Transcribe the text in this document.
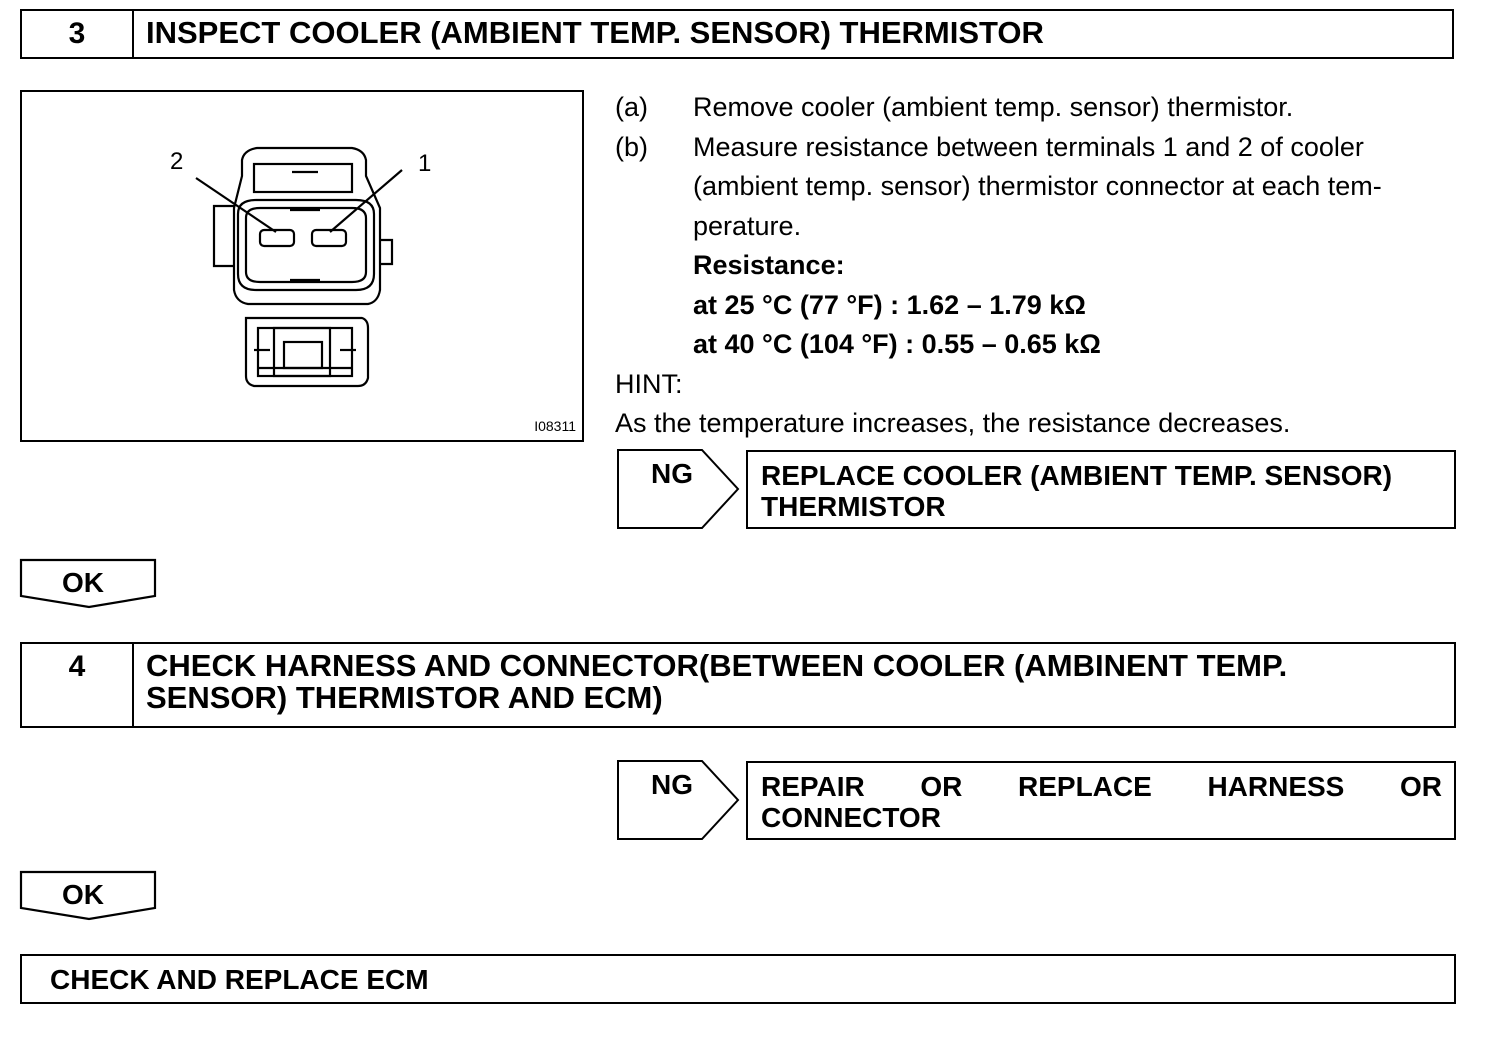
3	INSPECT COOLER (AMBIENT TEMP. SENSOR) THERMISTOR
2	1
I08311
(a) Remove cooler (ambient temp. sensor) thermistor.
(b) Measure resistance between terminals 1 and 2 of cooler
(ambient temp. sensor) thermistor connector at each tem-
perature.
Resistance:
at 25 °C (77 °F) : 1.62 – 1.79 kΩ
at 40 °C (104 °F) : 0.55 – 0.65 kΩ
HINT:
As the temperature increases, the resistance decreases.
NG REPLACE COOLER (AMBIENT TEMP. SENSOR)
THERMISTOR
OK
4	CHECK HARNESS AND CONNECTOR(BETWEEN COOLER (AMBINENT TEMP.
SENSOR) THERMISTOR AND ECM)
NG REPAIR OR REPLACE HARNESS OR
CONNECTOR
OK
CHECK AND REPLACE ECM
